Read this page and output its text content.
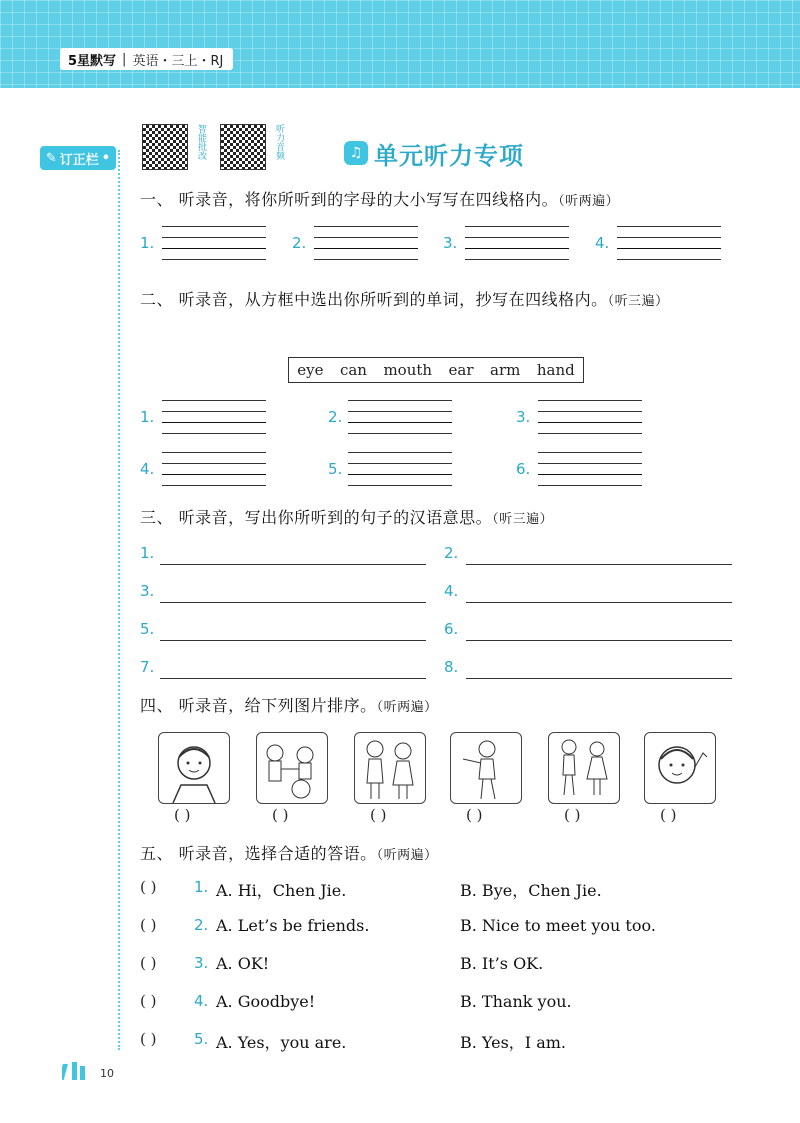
5星默写 | 英语・三上・RJ
✎ 订正栏 •	智能批改	听力音频	♫ 单元听力专项
一、 听录音，将你所听到的字母的大小写写在四线格内。（听两遍）
1.	2.	3.	4.
二、 听录音，从方框中选出你所听到的单词，抄写在四线格内。（听三遍）
eye can mouth ear arm hand
1.	2.	3.
4.	5.	6.
三、 听录音，写出你所听到的句子的汉语意思。（听三遍）
1.	2.
3.	4.
5.	6.
7.	8.
四、 听录音，给下列图片排序。（听两遍）
( )	( )	( )	( )	( )	( )
五、 听录音，选择合适的答语。（听两遍）
( )	1. A. Hi，Chen Jie.	B. Bye，Chen Jie.
( )	2. A. Let’s be friends.	B. Nice to meet you too.
( )	3. A. OK!	B. It’s OK.
( )	4. A. Goodbye!	B. Thank you.
( )	5. A. Yes，you are.	B. Yes，I am.
10
